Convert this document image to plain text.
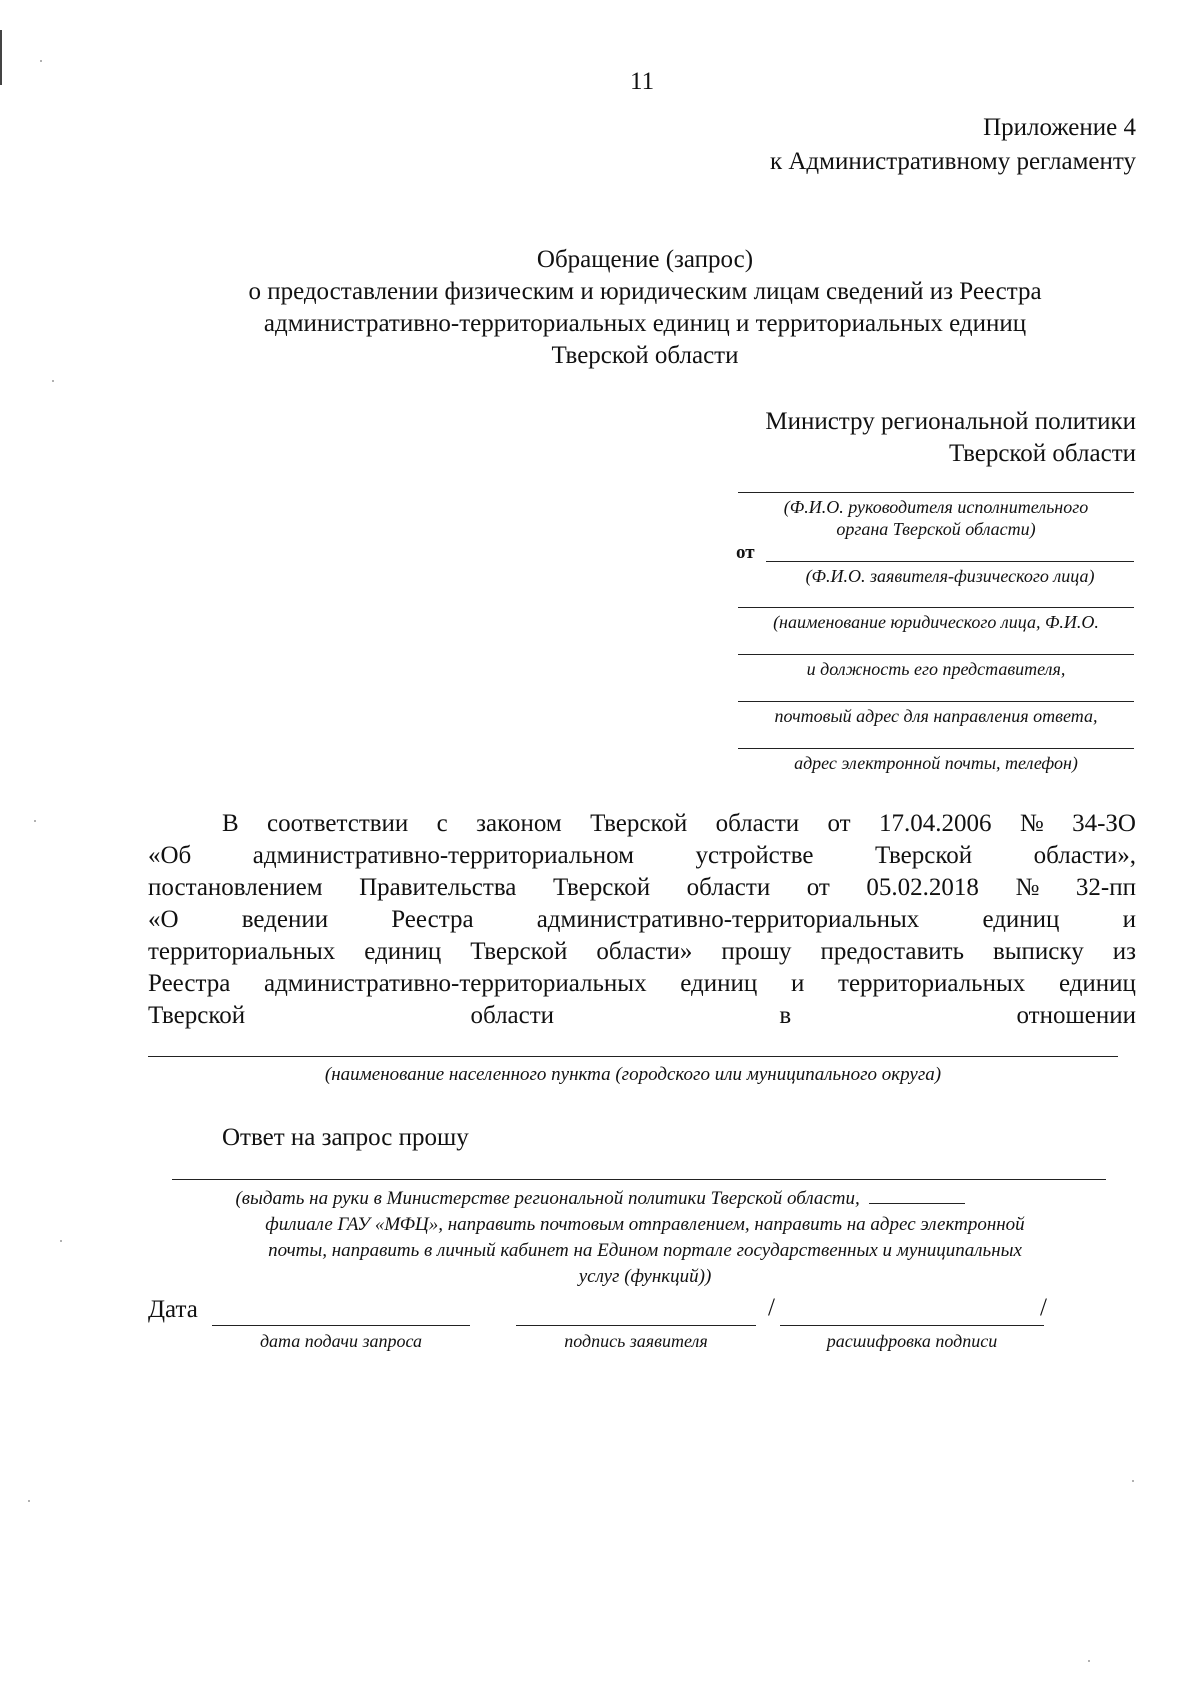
11
Приложение 4
к Административному регламенту
Обращение (запрос)
о предоставлении физическим и юридическим лицам сведений из Реестра
административно-территориальных единиц и территориальных единиц
Тверской области
Министру региональной политики
Тверской области
(Ф.И.О. руководителя исполнительного
органа Тверской области)
от
(Ф.И.О. заявителя-физического лица)
(наименование юридического лица, Ф.И.О.
и должность его представителя,
почтовый адрес для направления ответа,
адрес электронной почты, телефон)
В соответствии с законом Тверской области от 17.04.2006 № 34-ЗО
«Об административно-территориальном устройстве Тверской области»,
постановлением Правительства Тверской области от 05.02.2018 № 32-пп
«О	ведении	Реестра	административно-территориальных	единиц	и
территориальных единиц Тверской области» прошу предоставить выписку из
Реестра административно-территориальных единиц и территориальных единиц
Тверской	области	в	отношении
(наименование населенного пункта (городского или муниципального округа)
Ответ на запрос прошу
(выдать на руки в Министерстве региональной политики Тверской области,
филиале ГАУ «МФЦ», направить почтовым отправлением, направить на адрес электронной
почты, направить в личный кабинет на Едином портале государственных и муниципальных
услуг (функций))
Дата	/	/
дата подачи запроса	подпись заявителя	расшифровка подписи
